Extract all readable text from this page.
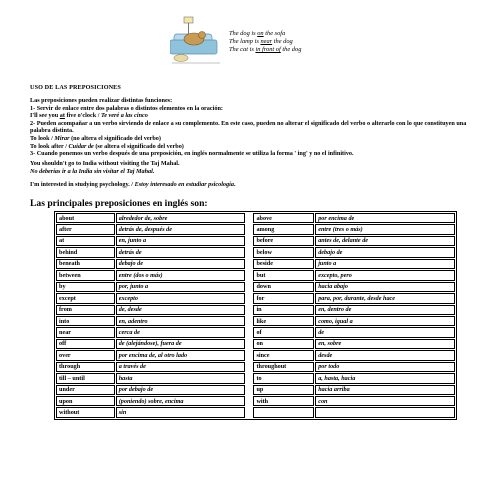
The dog is on the sofa
The lamp is near the dog
The cat is in front of the dog
USO DE LAS PREPOSICIONES
Las preposiciones pueden realizar distintas funciones:
1- Servir de enlace entre dos palabras o distintos elementos en la oración:
I'll see you at five o'clock / Te veré a las cinco
2- Pueden acompañar a un verbo sirviendo de enlace a su complemento. En este caso, pueden no alterar el significado del verbo o alterarlo con lo que constituyen una palabra distinta.
To look / Mirar (no altera el significado del verbo)
To look after / Cuidar de (se altera el significado del verbo)
3- Cuando ponemos un verbo después de una preposición, en inglés normalmente se utiliza la forma ' ing' y no el infinitivo.
You shouldn't go to India without visiting the Taj Mahal.
No deberías ir a la India sin visitar el Taj Mahal.
I'm interested in studying psychology. / Estoy interesado en estudiar psicología.
Las principales preposiciones en inglés son:
about	alrededor de, sobre		above	por encima de
after	detrás de, después de		among	entre (tres o más)
at	en, junto a		before	antes de, delante de
behind	detrás de		below	debajo de
beneath	debajo de		beside	junto a
between	entre (dos o más)		but	excepto, pero
by	por, junto a		down	hacia abajo
except	excepto		for	para, por, durante, desde hace
from	de, desde		in	en, dentro de
into	en, adentro		like	como, igual a
near	cerca de		of	de
off	de (alejándose), fuera de		on	en, sobre
over	por encima de, al otro lado		since	desde
through	a través de		throughout	por todo
till – until	hasta		to	a, hasta, hacia
under	por debajo de		up	hacia arriba
upon	(poniendo) sobre, encima		with	con
without	sin			
